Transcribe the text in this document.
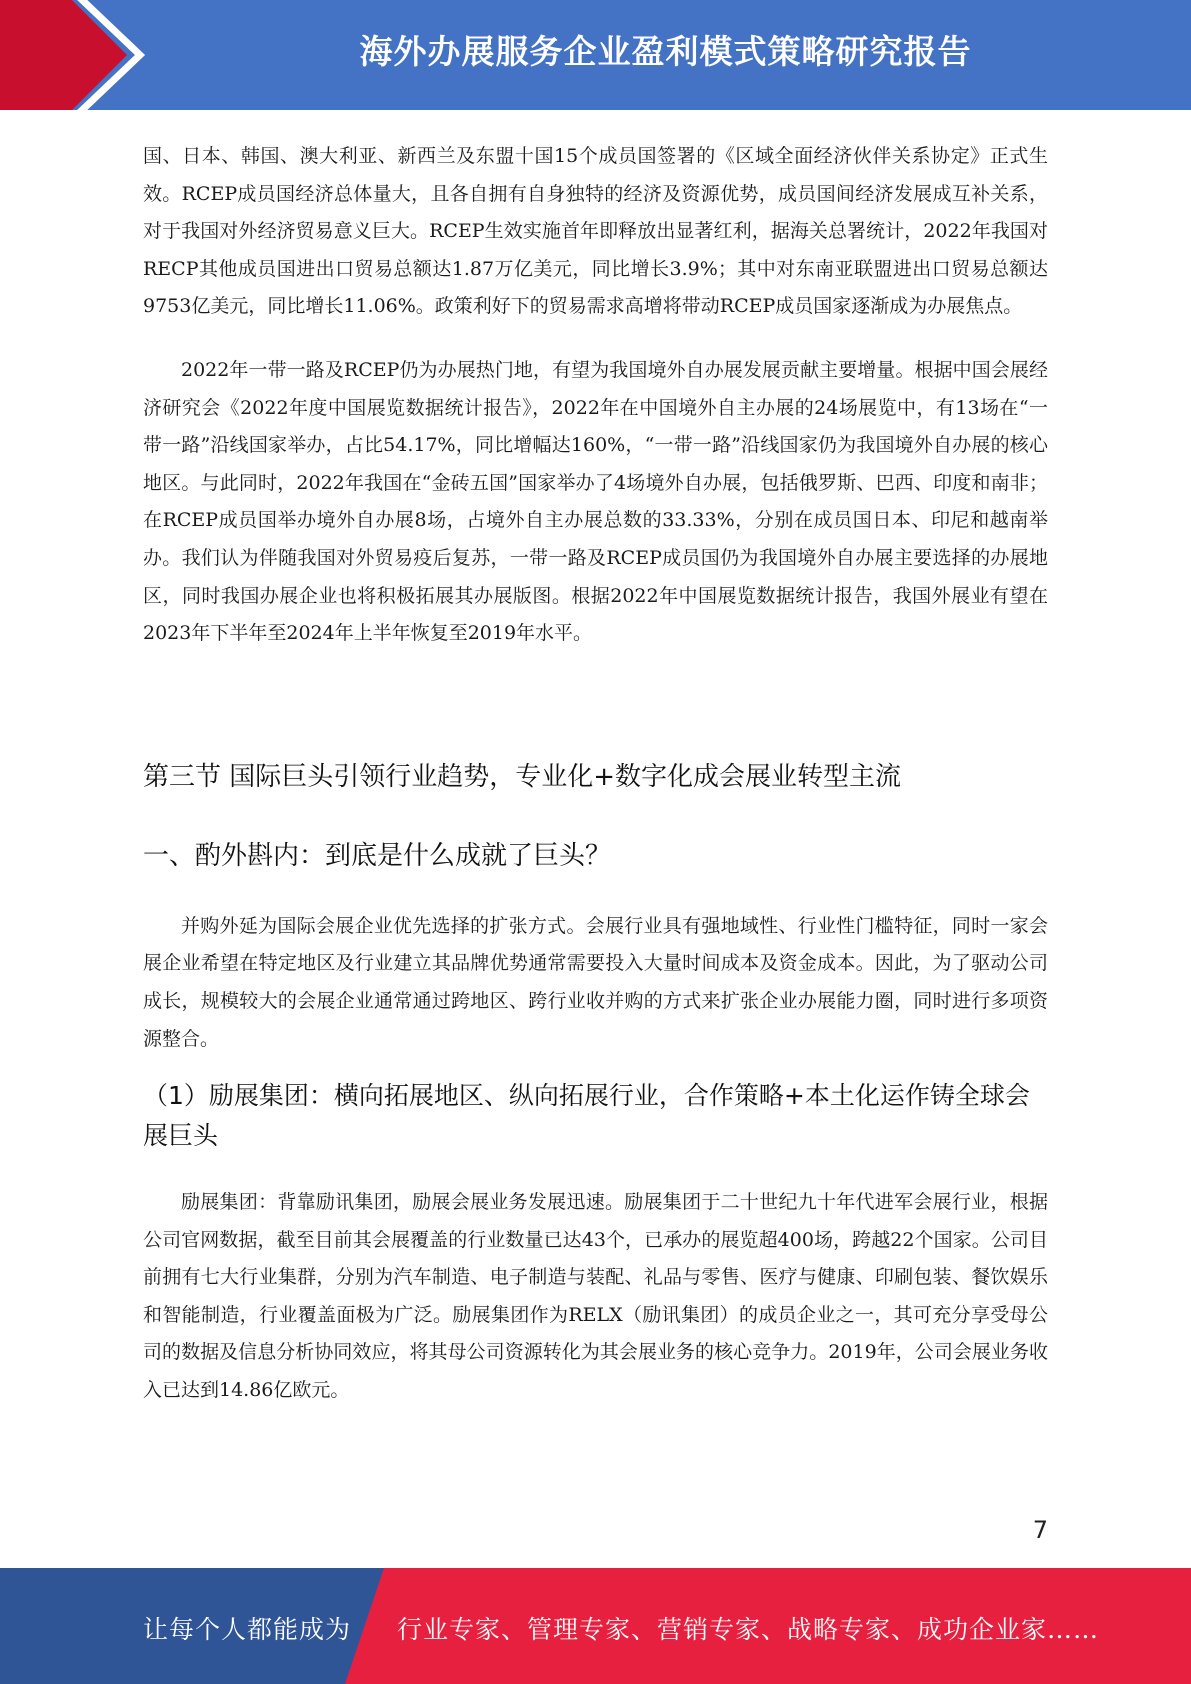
海外办展服务企业盈利模式策略研究报告

国、日本、韩国、澳大利亚、新西兰及东盟十国15个成员国签署的《区域全面经济伙伴关系协定》正式生效。RCEP成员国经济总体量大，且各自拥有自身独特的经济及资源优势，成员国间经济发展成互补关系，对于我国对外经济贸易意义巨大。RCEP生效实施首年即释放出显著红利，据海关总署统计，2022年我国对RECP其他成员国进出口贸易总额达1.87万亿美元，同比增长3.9%；其中对东南亚联盟进出口贸易总额达9753亿美元，同比增长11.06%。政策利好下的贸易需求高增将带动RCEP成员国家逐渐成为办展焦点。

2022年一带一路及RCEP仍为办展热门地，有望为我国境外自办展发展贡献主要增量。根据中国会展经济研究会《2022年度中国展览数据统计报告》，2022年在中国境外自主办展的24场展览中，有13场在“一带一路”沿线国家举办，占比54.17%，同比增幅达160%，“一带一路”沿线国家仍为我国境外自办展的核心地区。与此同时，2022年我国在“金砖五国”国家举办了4场境外自办展，包括俄罗斯、巴西、印度和南非；在RCEP成员国举办境外自办展8场，占境外自主办展总数的33.33%，分别在成员国日本、印尼和越南举办。我们认为伴随我国对外贸易疫后复苏，一带一路及RCEP成员国仍为我国境外自办展主要选择的办展地区，同时我国办展企业也将积极拓展其办展版图。根据2022年中国展览数据统计报告，我国外展业有望在2023年下半年至2024年上半年恢复至2019年水平。

第三节 国际巨头引领行业趋势，专业化+数字化成会展业转型主流
一、酌外斟内：到底是什么成就了巨头？

并购外延为国际会展企业优先选择的扩张方式。会展行业具有强地域性、行业性门槛特征，同时一家会展企业希望在特定地区及行业建立其品牌优势通常需要投入大量时间成本及资金成本。因此，为了驱动公司成长，规模较大的会展企业通常通过跨地区、跨行业收并购的方式来扩张企业办展能力圈，同时进行多项资源整合。

（1）励展集团：横向拓展地区、纵向拓展行业，合作策略+本土化运作铸全球会展巨头

励展集团：背靠励讯集团，励展会展业务发展迅速。励展集团于二十世纪九十年代进军会展行业，根据公司官网数据，截至目前其会展覆盖的行业数量已达43个，已承办的展览超400场，跨越22个国家。公司目前拥有七大行业集群，分别为汽车制造、电子制造与装配、礼品与零售、医疗与健康、印刷包装、餐饮娱乐和智能制造，行业覆盖面极为广泛。励展集团作为RELX（励讯集团）的成员企业之一，其可充分享受母公司的数据及信息分析协同效应，将其母公司资源转化为其会展业务的核心竞争力。2019年，公司会展业务收入已达到14.86亿欧元。

7
让每个人都能成为 行业专家、管理专家、营销专家、战略专家、成功企业家……
